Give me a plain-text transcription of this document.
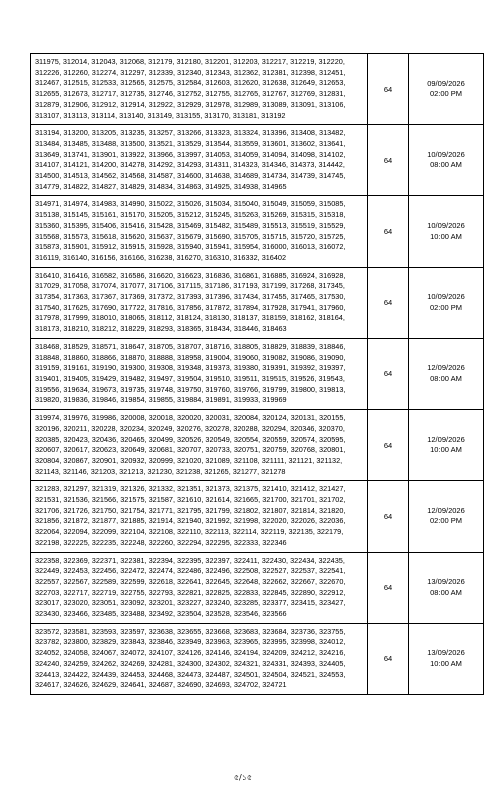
311975, 312014, 312043, 312068, 312179, 312180, 312201, 312203, 312217, 312219, 312220, 312226, 312260, 312274, 312297, 312339, 312340, 312343, 312362, 312381, 312398, 312451, 312467, 312515, 312533, 312565, 312575, 312584, 312603, 312620, 312638, 312649, 312653, 312655, 312673, 312717, 312735, 312746, 312752, 312755, 312765, 312767, 312769, 312831, 312879, 312906, 312912, 312914, 312922, 312929, 312978, 312989, 313089, 313091, 313106, 313107, 313113, 313114, 313140, 313149, 313155, 313170, 313181, 313192	64	09/09/2026
02:00 PM

313194, 313200, 313205, 313235, 313257, 313266, 313323, 313324, 313396, 313408, 313482, 313484, 313485, 313488, 313500, 313521, 313529, 313544, 313559, 313601, 313602, 313641, 313649, 313741, 313901, 313922, 313966, 313997, 314053, 314059, 314094, 314098, 314102, 314107, 314121, 314200, 314278, 314292, 314293, 314311, 314323, 314346, 314373, 314442, 314500, 314513, 314562, 314568, 314587, 314600, 314638, 314689, 314734, 314739, 314745, 314779, 314822, 314827, 314829, 314834, 314863, 314925, 314938, 314965	64	10/09/2026
08:00 AM

314971, 314974, 314983, 314990, 315022, 315026, 315034, 315040, 315049, 315059, 315085, 315138, 315145, 315161, 315170, 315205, 315212, 315245, 315263, 315269, 315315, 315318, 315360, 315395, 315406, 315416, 315428, 315469, 315482, 315489, 315513, 315519, 315529, 315568, 315573, 315618, 315620, 315637, 315679, 315690, 315705, 315715, 315720, 315725, 315873, 315901, 315912, 315915, 315928, 315940, 315941, 315954, 316000, 316013, 316072, 316119, 316140, 316156, 316166, 316238, 316270, 316310, 316332, 316402	64	10/09/2026
10:00 AM

316410, 316416, 316582, 316586, 316620, 316623, 316836, 316861, 316885, 316924, 316928, 317029, 317058, 317074, 317077, 317106, 317115, 317186, 317193, 317199, 317268, 317345, 317354, 317363, 317367, 317369, 317372, 317393, 317396, 317434, 317455, 317465, 317530, 317540, 317625, 317690, 317722, 317816, 317856, 317872, 317894, 317928, 317941, 317960, 317978, 317999, 318010, 318065, 318112, 318124, 318130, 318137, 318159, 318162, 318164, 318173, 318210, 318212, 318229, 318293, 318365, 318434, 318446, 318463	64	10/09/2026
02:00 PM

318468, 318529, 318571, 318647, 318705, 318707, 318716, 318805, 318829, 318839, 318846, 318848, 318860, 318866, 318870, 318888, 318958, 319004, 319060, 319082, 319086, 319090, 319159, 319161, 319190, 319300, 319308, 319348, 319373, 319380, 319391, 319392, 319397, 319401, 319405, 319429, 319482, 319497, 319504, 319510, 319511, 319515, 319526, 319543, 319556, 319634, 319673, 319735, 319748, 319750, 319760, 319766, 319799, 319800, 319813, 319820, 319836, 319846, 319854, 319855, 319884, 319891, 319933, 319969	64	12/09/2026
08:00 AM

319974, 319976, 319986, 320008, 320018, 320020, 320031, 320084, 320124, 320131, 320155, 320196, 320211, 320228, 320234, 320249, 320276, 320278, 320288, 320294, 320346, 320370, 320385, 320423, 320436, 320465, 320499, 320526, 320549, 320554, 320559, 320574, 320595, 320607, 320617, 320623, 320649, 320681, 320707, 320733, 320751, 320759, 320768, 320801, 320804, 320867, 320901, 320932, 320999, 321020, 321089, 321108, 321111, 321121, 321132, 321143, 321146, 321203, 321213, 321230, 321238, 321265, 321277, 321278	64	12/09/2026
10:00 AM

321283, 321297, 321319, 321326, 321332, 321351, 321373, 321375, 321410, 321412, 321427, 321531, 321536, 321566, 321575, 321587, 321610, 321614, 321665, 321700, 321701, 321702, 321706, 321726, 321750, 321754, 321771, 321795, 321799, 321802, 321807, 321814, 321820, 321856, 321872, 321877, 321885, 321914, 321940, 321992, 321998, 322020, 322026, 322036, 322064, 322094, 322099, 322104, 322108, 322110, 322113, 322114, 322119, 322135, 322179, 322198, 322225, 322235, 322248, 322260, 322294, 322295, 322333, 322346	64	12/09/2026
02:00 PM

322358, 322369, 322371, 322381, 322394, 322395, 322397, 322411, 322430, 322434, 322435, 322449, 322453, 322456, 322472, 322474, 322486, 322496, 322508, 322527, 322537, 322541, 322557, 322567, 322589, 322599, 322618, 322641, 322645, 322648, 322662, 322667, 322670, 322703, 322717, 322719, 322755, 322793, 322821, 322825, 322833, 322845, 322890, 322912, 323017, 323020, 323051, 323092, 323201, 323227, 323240, 323285, 323377, 323415, 323427, 323430, 323466, 323485, 323488, 323492, 323504, 323528, 323546, 323566	64	13/09/2026
08:00 AM

323572, 323581, 323593, 323597, 323638, 323655, 323668, 323683, 323684, 323736, 323755, 323782, 323800, 323829, 323843, 323846, 323949, 323963, 323965, 323995, 323998, 324012, 324052, 324058, 324067, 324072, 324107, 324126, 324146, 324194, 324209, 324212, 324216, 324240, 324259, 324262, 324269, 324281, 324300, 324302, 324321, 324331, 324393, 324405, 324413, 324422, 324439, 324453, 324468, 324473, 324487, 324501, 324504, 324521, 324553, 324617, 324626, 324629, 324641, 324687, 324690, 324693, 324702, 324721	64	13/09/2026
10:00 AM
৫/১৫
